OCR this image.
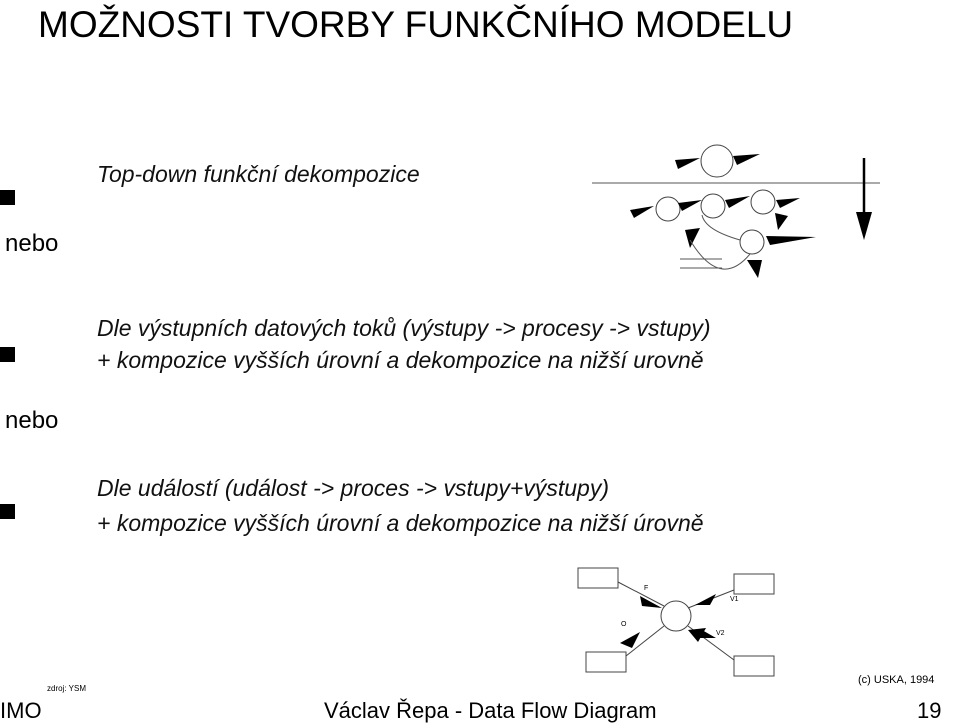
MOŽNOSTI TVORBY FUNKČNÍHO MODELU
Top-down funkční dekompozice
nebo
Dle výstupních datových toků (výstupy -> procesy -> vstupy)
+ kompozice vyšších úrovní a dekompozice na nižší urovně
nebo
Dle událostí (událost -> proces -> vstupy+výstupy)
+ kompozice vyšších úrovní a dekompozice na nižší úrovně
F
V1
O
V2
zdroj: YSM
(c) USKA, 1994
IMO	Václav Řepa - Data Flow Diagram	19
